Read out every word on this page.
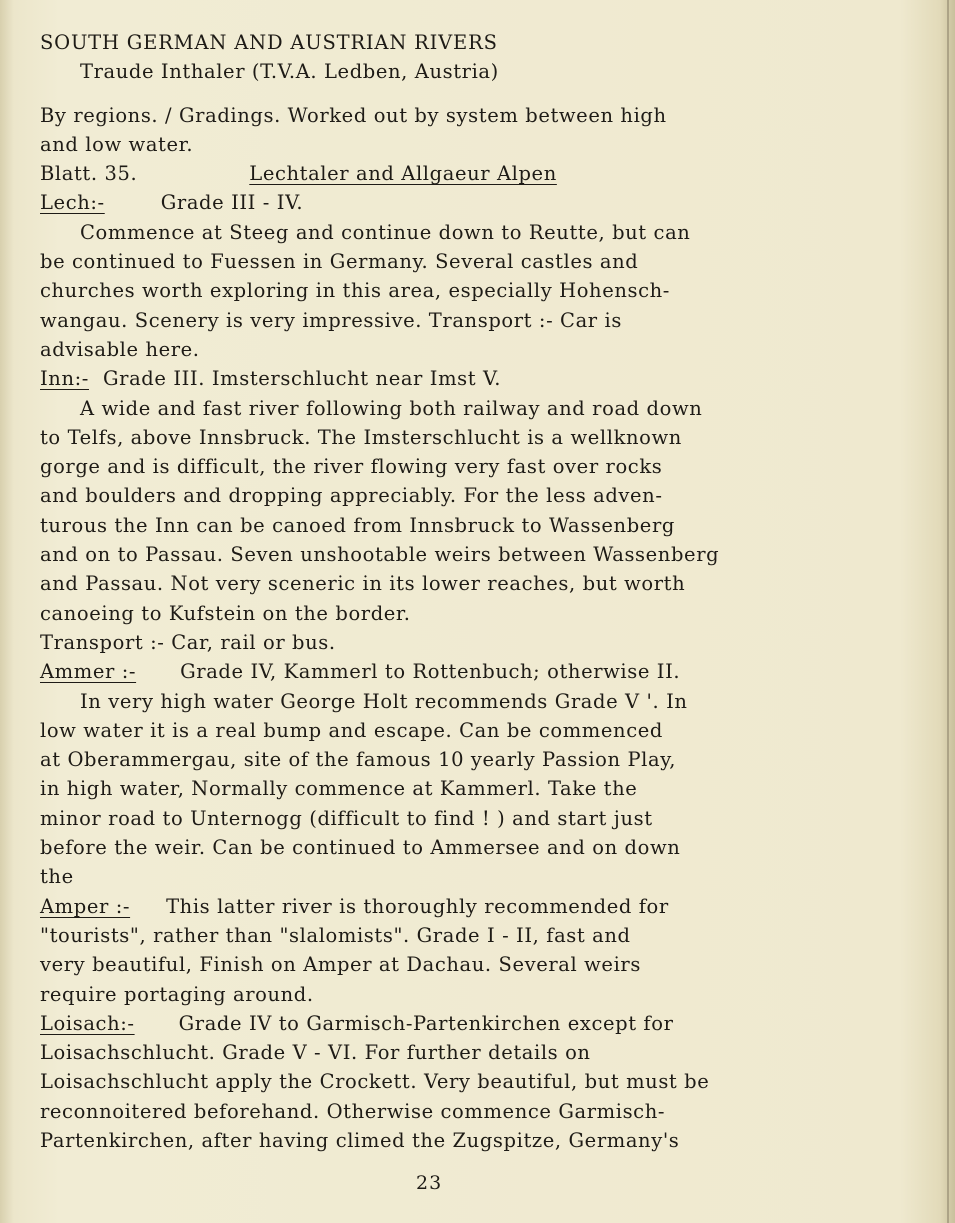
SOUTH GERMAN AND AUSTRIAN RIVERS
Traude Inthaler (T.V.A. Ledben, Austria)
By regions. / Gradings. Worked out by system between high
and low water.
Blatt. 35.	Lechtaler and Allgaeur Alpen
Lech:-	Grade III - IV.
Commence at Steeg and continue down to Reutte, but can
be continued to Fuessen in Germany. Several castles and
churches worth exploring in this area, especially Hohensch-
wangau. Scenery is very impressive. Transport :- Car is
advisable here.
Inn:- Grade III. Imsterschlucht near Imst V.
A wide and fast river following both railway and road down
to Telfs, above Innsbruck. The Imsterschlucht is a wellknown
gorge and is difficult, the river flowing very fast over rocks
and boulders and dropping appreciably. For the less adven-
turous the Inn can be canoed from Innsbruck to Wassenberg
and on to Passau. Seven unshootable weirs between Wassenberg
and Passau. Not very sceneric in its lower reaches, but worth
canoeing to Kufstein on the border.
Transport :- Car, rail or bus.
Ammer :- Grade IV, Kammerl to Rottenbuch; otherwise II.
In very high water George Holt recommends Grade V '. In
low water it is a real bump and escape. Can be commenced
at Oberammergau, site of the famous 10 yearly Passion Play,
in high water, Normally commence at Kammerl. Take the
minor road to Unternogg (difficult to find ! ) and start just
before the weir. Can be continued to Ammersee and on down
the
Amper :- This latter river is thoroughly recommended for
"tourists", rather than "slalomists". Grade I - II, fast and
very beautiful, Finish on Amper at Dachau. Several weirs
require portaging around.
Loisach:- Grade IV to Garmisch-Partenkirchen except for
Loisachschlucht. Grade V - VI. For further details on
Loisachschlucht apply the Crockett. Very beautiful, but must be
reconnoitered beforehand. Otherwise commence Garmisch-
Partenkirchen, after having climed the Zugspitze, Germany's
23
